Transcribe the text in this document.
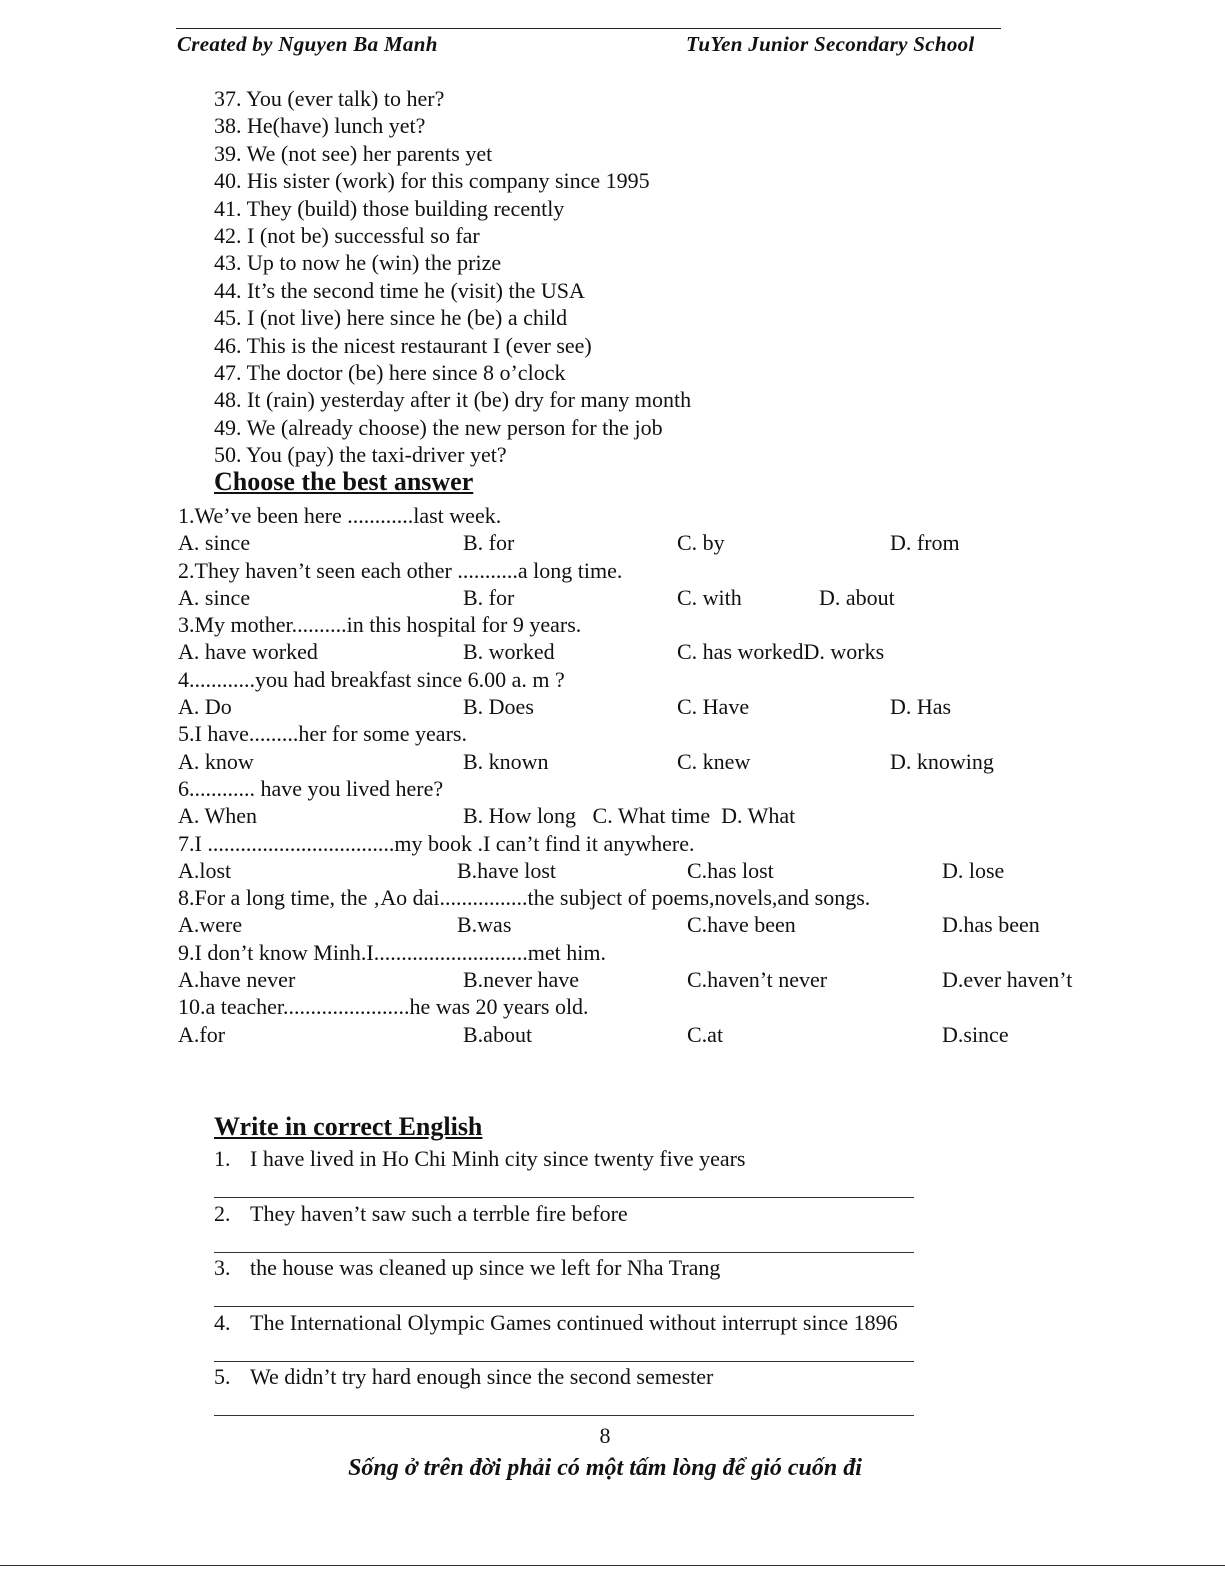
Created by Nguyen Ba Manh	TuYen Junior Secondary School
37. You (ever talk) to her?
38. He(have) lunch yet?
39. We (not see) her parents yet
40. His sister (work) for this company since 1995
41. They (build) those building recently
42. I (not be) successful so far
43. Up to now he (win) the prize
44. It’s the second time he (visit) the USA
45. I (not live) here since he (be) a child
46. This is the nicest restaurant I (ever see)
47. The doctor (be) here since 8 o’clock
48. It (rain) yesterday after it (be) dry for many month
49. We (already choose) the new person for the job
50. You (pay) the taxi-driver yet?
Choose the best answer
1.We’ve been here ............last week.
A. since	B. for	C. by	D. from
2.They haven’t seen each other ...........a long time.
A. since	B. for	C. with	D. about
3.My mother..........in this hospital for 9 years.
A. have worked	B. worked	C. has workedD. works
4............you had breakfast since 6.00 a. m ?
A. Do	B. Does	C. Have	D. Has
5.I have.........her for some years.
A. know	B. known	C. knew	D. knowing
6............ have you lived here?
A. When	B. How long   C. What time  D. What
7.I ..................................my book .I can’t find it anywhere.
A.lost	B.have lost	C.has lost	D. lose
8.For a long time, the ‚Ao dai................the subject of poems,novels,and songs.
A.were	B.was	C.have been	D.has been
9.I don’t know Minh.I............................met him.
A.have never	B.never have	C.haven’t never	D.ever haven’t
10.a teacher.......................he was 20 years old.
A.for	B.about	C.at	D.since
Write in correct English
1. I have lived in Ho Chi Minh city since twenty five years
2. They haven’t saw such a terrble fire before
3. the house was cleaned up since we left for Nha Trang
4. The International Olympic Games continued without interrupt since 1896
5. We didn’t try hard enough since the second semester
8
Sống ở trên đời phải có một tấm lòng để gió cuốn đi
